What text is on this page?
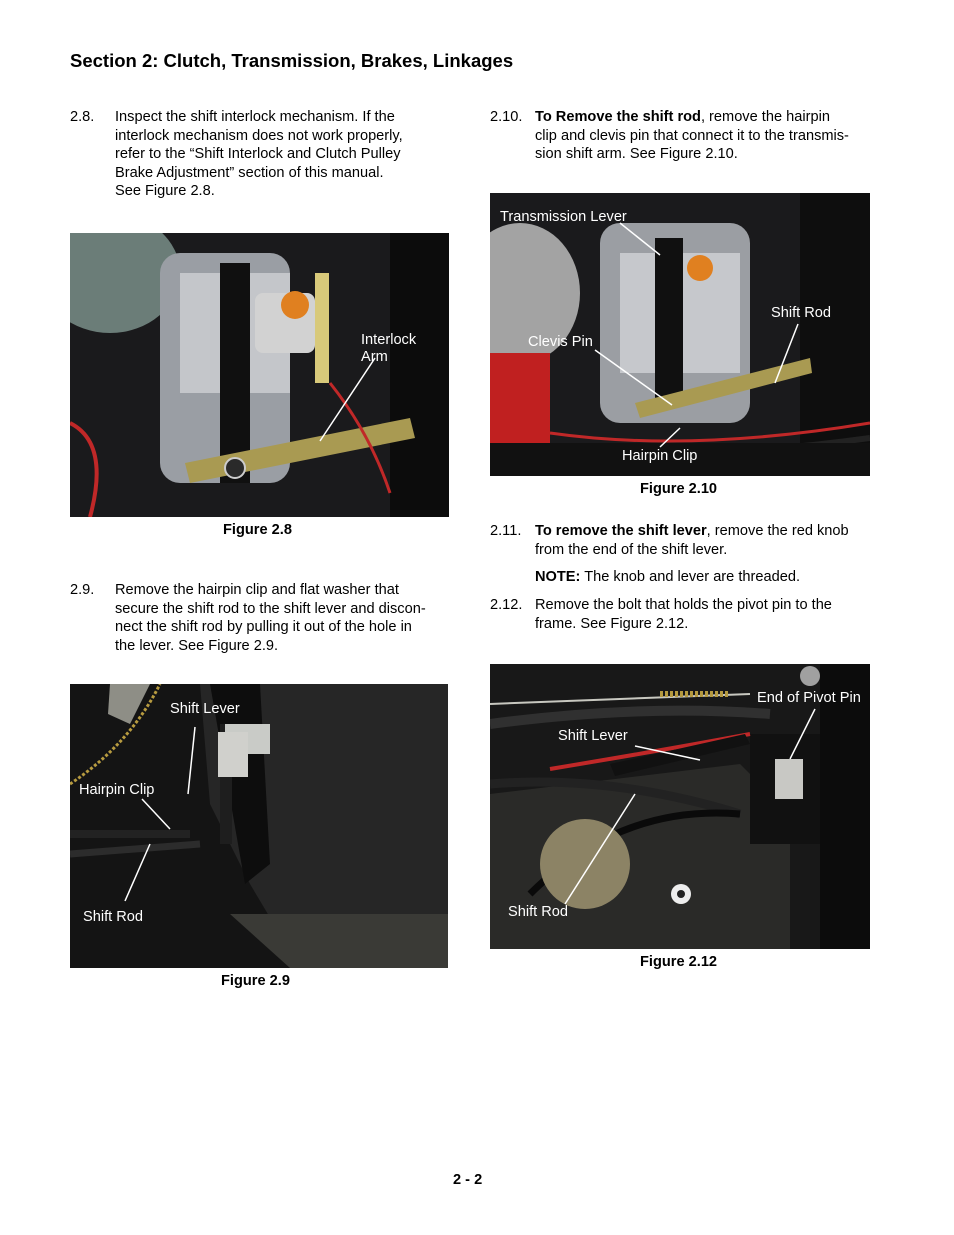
Section 2: Clutch, Transmission, Brakes, Linkages
2.8. Inspect the shift interlock mechanism. If the
interlock mechanism does not work properly,
refer to the “Shift Interlock and Clutch Pulley
Brake Adjustment” section of this manual.
See Figure 2.8.
Interlock
Arm
Figure 2.8
2.9. Remove the hairpin clip and flat washer that
secure the shift rod to the shift lever and discon-
nect the shift rod by pulling it out of the hole in
the lever. See Figure 2.9.
Shift Lever
Hairpin Clip
Shift Rod
Figure 2.9
2.10. To Remove the shift rod, remove the hairpin
clip and clevis pin that connect it to the transmis-
sion shift arm. See Figure 2.10.
Transmission Lever
Shift Rod
Clevis Pin
Hairpin Clip
Figure 2.10
2.11. To remove the shift lever, remove the red knob
from the end of the shift lever.
NOTE: The knob and lever are threaded.
2.12. Remove the bolt that holds the pivot pin to the
frame. See Figure 2.12.
End of Pivot Pin
Shift Lever
Shift Rod
Figure 2.12
2 - 2
